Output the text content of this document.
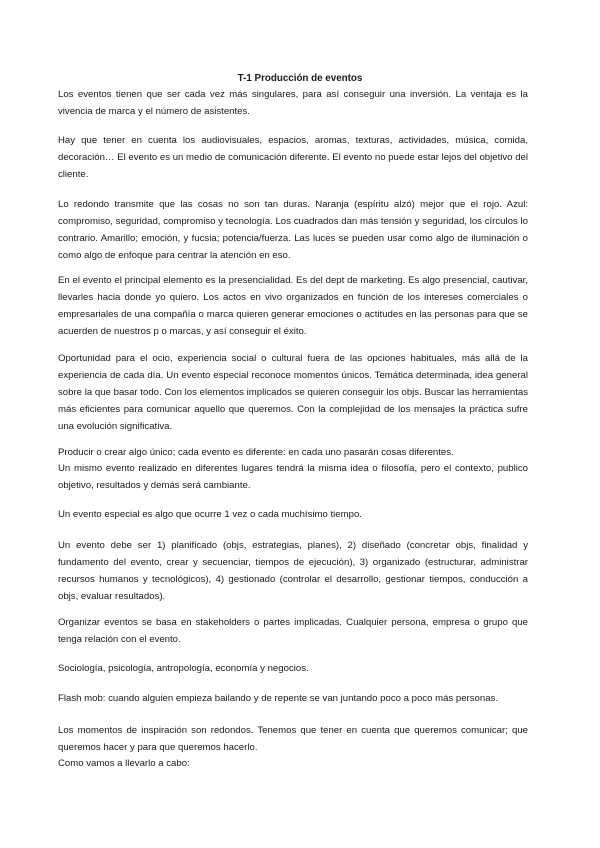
T-1 Producción de eventos

Los eventos tienen que ser cada vez más singulares, para así conseguir una inversión. La ventaja es la vivencia de marca y el número de asistentes.

Hay que tener en cuenta los audiovisuales, espacios, aromas, texturas, actividades, música, comida, decoración… El evento es un medio de comunicación diferente. El evento no puede estar lejos del objetivo del cliente.

Lo redondo transmite que las cosas no son tan duras. Naranja (espíritu alzó) mejor que el rojo. Azul: compromiso, seguridad, compromiso y tecnología. Los cuadrados dan más tensión y seguridad, los círculos lo contrario. Amarillo; emoción, y fucsia; potencia/fuerza. Las luces se pueden usar como algo de iluminación o como algo de enfoque para centrar la atención en eso.

En el evento el principal elemento es la presencialidad. Es del dept de marketing. Es algo presencial, cautivar, llevarles hacia donde yo quiero. Los actos en vivo organizados en función de los intereses comerciales o empresariales de una compañía o marca quieren generar emociones o actitudes en las personas para que se acuerden de nuestros p o marcas, y así conseguir el éxito.

Oportunidad para el ocio, experiencia social o cultural fuera de las opciones habituales, más allá de la experiencia de cada día. Un evento especial reconoce momentos únicos. Temática determinada, idea general sobre la que basar todo. Con los elementos implicados se quieren conseguir los objs. Buscar las herramientas más eficientes para comunicar aquello que queremos. Con la complejidad de los mensajes la práctica sufre una evolución significativa.

Producir o crear algo único; cada evento es diferente: en cada uno pasarán cosas diferentes.

Un mismo evento realizado en diferentes lugares tendrá la misma idea o filosofía, pero el contexto, publico objetivo, resultados y demás será cambiante.

Un evento especial es algo que ocurre 1 vez o cada muchísimo tiempo.

Un evento debe ser 1) planificado (objs, estrategias, planes), 2) diseñado (concretar objs, finalidad y fundamento del evento, crear y secuenciar, tiempos de ejecución), 3) organizado (estructurar, administrar recursos humanos y tecnológicos), 4) gestionado (controlar el desarrollo, gestionar tiempos, conducción a objs, evaluar resultados).

Organizar eventos se basa en stakeholders o partes implicadas. Cualquier persona, empresa o grupo que tenga relación con el evento.

Sociología, psicología, antropología, economía y negocios.

Flash mob: cuando alguien empieza bailando y de repente se van juntando poco a poco más personas.

Los momentos de inspiración son redondos. Tenemos que tener en cuenta que queremos comunicar; que queremos hacer y para que queremos hacerlo.

Como vamos a llevarlo a cabo:
